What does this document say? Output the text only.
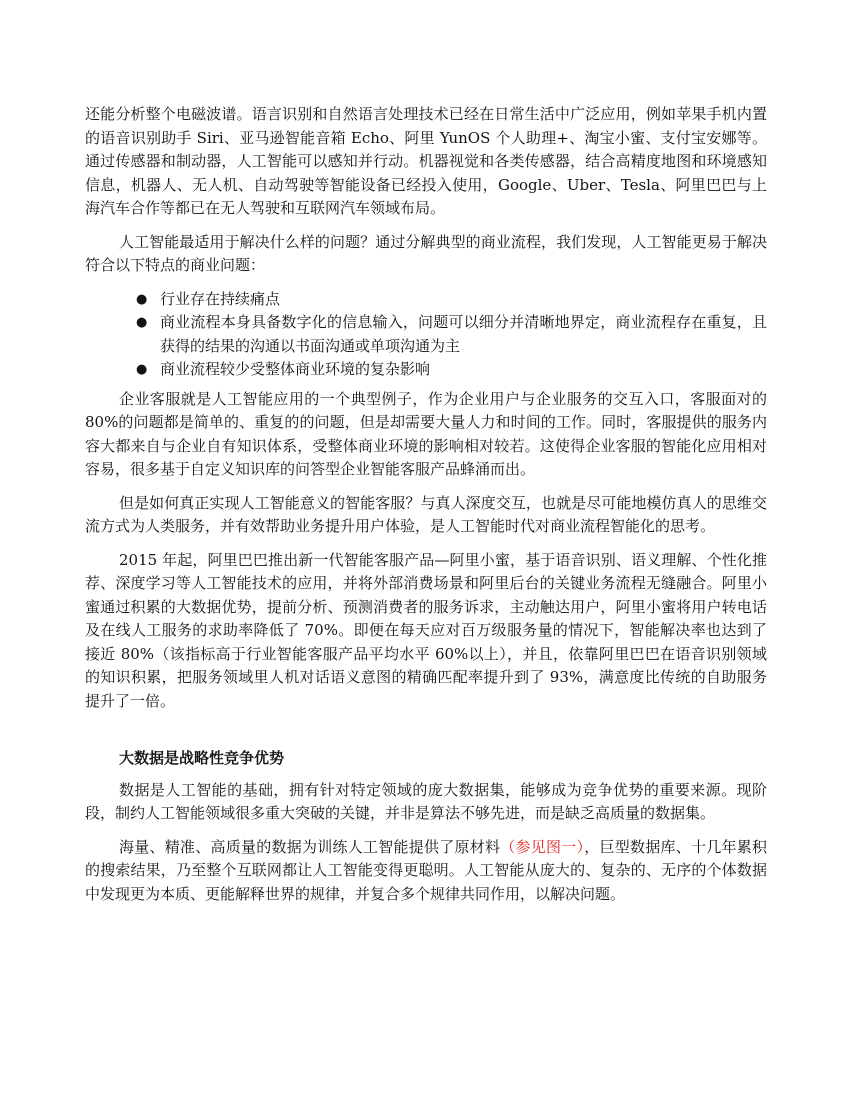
还能分析整个电磁波谱。语言识别和自然语言处理技术已经在日常生活中广泛应用，例如苹果手机内置的语音识别助手 Siri、亚马逊智能音箱 Echo、阿里 YunOS 个人助理+、淘宝小蜜、支付宝安娜等。通过传感器和制动器，人工智能可以感知并行动。机器视觉和各类传感器，结合高精度地图和环境感知信息，机器人、无人机、自动驾驶等智能设备已经投入使用，Google、Uber、Tesla、阿里巴巴与上海汽车合作等都已在无人驾驶和互联网汽车领域布局。

人工智能最适用于解决什么样的问题？通过分解典型的商业流程，我们发现，人工智能更易于解决符合以下特点的商业问题：

● 行业存在持续痛点
● 商业流程本身具备数字化的信息输入，问题可以细分并清晰地界定，商业流程存在重复，且获得的结果的沟通以书面沟通或单项沟通为主
● 商业流程较少受整体商业环境的复杂影响

企业客服就是人工智能应用的一个典型例子，作为企业用户与企业服务的交互入口，客服面对的 80%的问题都是简单的、重复的的问题，但是却需要大量人力和时间的工作。同时，客服提供的服务内容大都来自与企业自有知识体系，受整体商业环境的影响相对较若。这使得企业客服的智能化应用相对容易，很多基于自定义知识库的问答型企业智能客服产品蜂涌而出。

但是如何真正实现人工智能意义的智能客服？与真人深度交互，也就是尽可能地模仿真人的思维交流方式为人类服务，并有效帮助业务提升用户体验，是人工智能时代对商业流程智能化的思考。

2015 年起，阿里巴巴推出新一代智能客服产品—阿里小蜜，基于语音识别、语义理解、个性化推荐、深度学习等人工智能技术的应用，并将外部消费场景和阿里后台的关键业务流程无缝融合。阿里小蜜通过积累的大数据优势，提前分析、预测消费者的服务诉求，主动触达用户，阿里小蜜将用户转电话及在线人工服务的求助率降低了 70%。即便在每天应对百万级服务量的情况下，智能解决率也达到了接近 80%（该指标高于行业智能客服产品平均水平 60%以上），并且，依靠阿里巴巴在语音识别领域的知识积累，把服务领域里人机对话语义意图的精确匹配率提升到了 93%，满意度比传统的自助服务提升了一倍。

大数据是战略性竞争优势

数据是人工智能的基础，拥有针对特定领域的庞大数据集，能够成为竞争优势的重要来源。现阶段，制约人工智能领域很多重大突破的关键，并非是算法不够先进，而是缺乏高质量的数据集。

海量、精准、高质量的数据为训练人工智能提供了原材料（参见图一），巨型数据库、十几年累积的搜索结果，乃至整个互联网都让人工智能变得更聪明。人工智能从庞大的、复杂的、无序的个体数据中发现更为本质、更能解释世界的规律，并复合多个规律共同作用，以解决问题。
